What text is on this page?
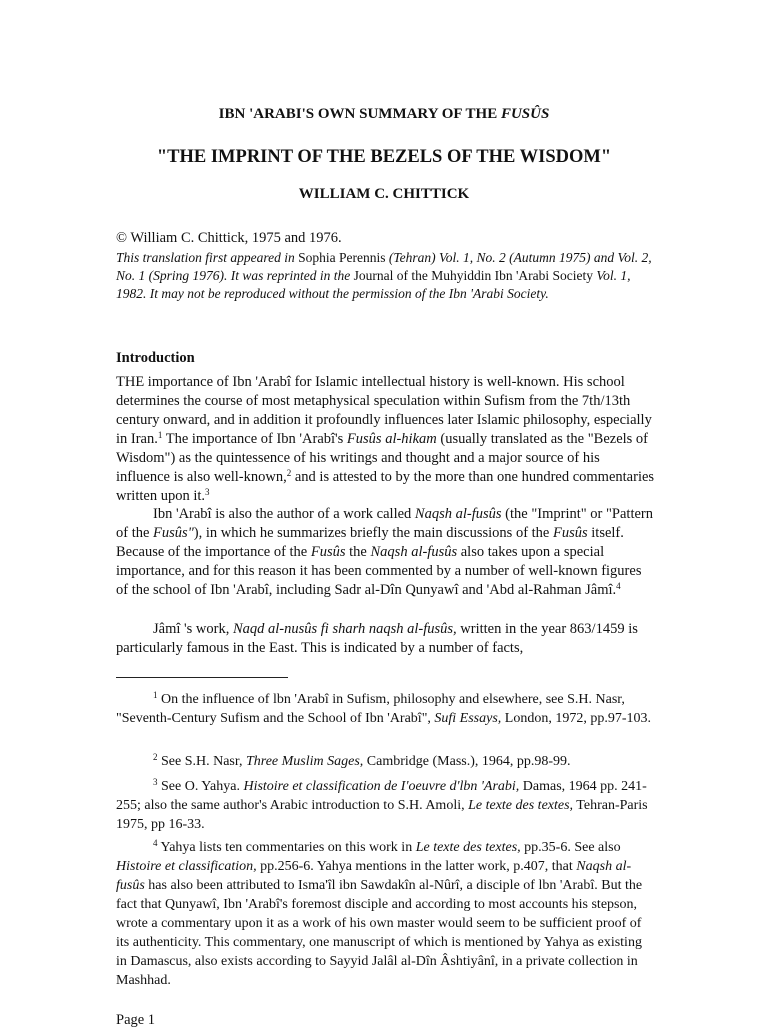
IBN 'ARABI'S OWN SUMMARY OF THE FUSÛS
"THE IMPRINT OF THE BEZELS OF THE WISDOM"
WILLIAM C. CHITTICK

© William C. Chittick, 1975 and 1976.

This translation first appeared in Sophia Perennis (Tehran) Vol. 1, No. 2 (Autumn 1975) and Vol. 2, No. 1 (Spring 1976). It was reprinted in the Journal of the Muhyiddin Ibn 'Arabi Society Vol. 1, 1982. It may not be reproduced without the permission of the Ibn 'Arabi Society.

Introduction

THE importance of Ibn 'Arabî for Islamic intellectual history is well-known. His school determines the course of most metaphysical speculation within Sufism from the 7th/13th century onward, and in addition it profoundly influences later Islamic philosophy, especially in Iran.$^1$ The importance of Ibn 'Arabî's Fusûs al-hikam (usually translated as the "Bezels of Wisdom") as the quintessence of his writings and thought and a major source of his influence is also well-known,$^2$ and is attested to by the more than one hundred commentaries written upon it.$^3$

Ibn 'Arabî is also the author of a work called Naqsh al-fusûs (the "Imprint" or "Pattern of the Fusûs"), in which he summarizes briefly the main discussions of the Fusûs itself. Because of the importance of the Fusûs the Naqsh al-fusûs also takes upon a special importance, and for this reason it has been commented by a number of well-known figures of the school of Ibn 'Arabî, including Sadr al-Dîn Qunyawî and 'Abd al-Rahman Jâmî.$^4$

Jâmî 's work, Naqd al-nusûs fi sharh naqsh al-fusûs, written in the year 863/1459 is particularly famous in the East. This is indicated by a number of facts,

$^1$ On the influence of lbn 'Arabî in Sufism, philosophy and elsewhere, see S.H. Nasr, "Seventh-Century Sufism and the School of Ibn 'Arabî", Sufi Essays, London, 1972, pp.97-103.

$^2$ See S.H. Nasr, Three Muslim Sages, Cambridge (Mass.), 1964, pp.98-99.

$^3$ See O. Yahya. Histoire et classification de I'oeuvre d'lbn 'Arabi, Damas, 1964 pp. 241-255; also the same author's Arabic introduction to S.H. Amoli, Le texte des textes, Tehran-Paris 1975, pp 16-33.

$^4$ Yahya lists ten commentaries on this work in Le texte des textes, pp.35-6. See also Histoire et classification, pp.256-6. Yahya mentions in the latter work, p.407, that Naqsh al-fusûs has also been attributed to Isma'îl ibn Sawdakîn al-Nûrî, a disciple of lbn 'Arabî. But the fact that Qunyawî, Ibn 'Arabî's foremost disciple and according to most accounts his stepson, wrote a commentary upon it as a work of his own master would seem to be sufficient proof of its authenticity. This commentary, one manuscript of which is mentioned by Yahya as existing in Damascus, also exists according to Sayyid Jalâl al-Dîn Âshtiyânî, in a private collection in Mashhad.

Page 1
